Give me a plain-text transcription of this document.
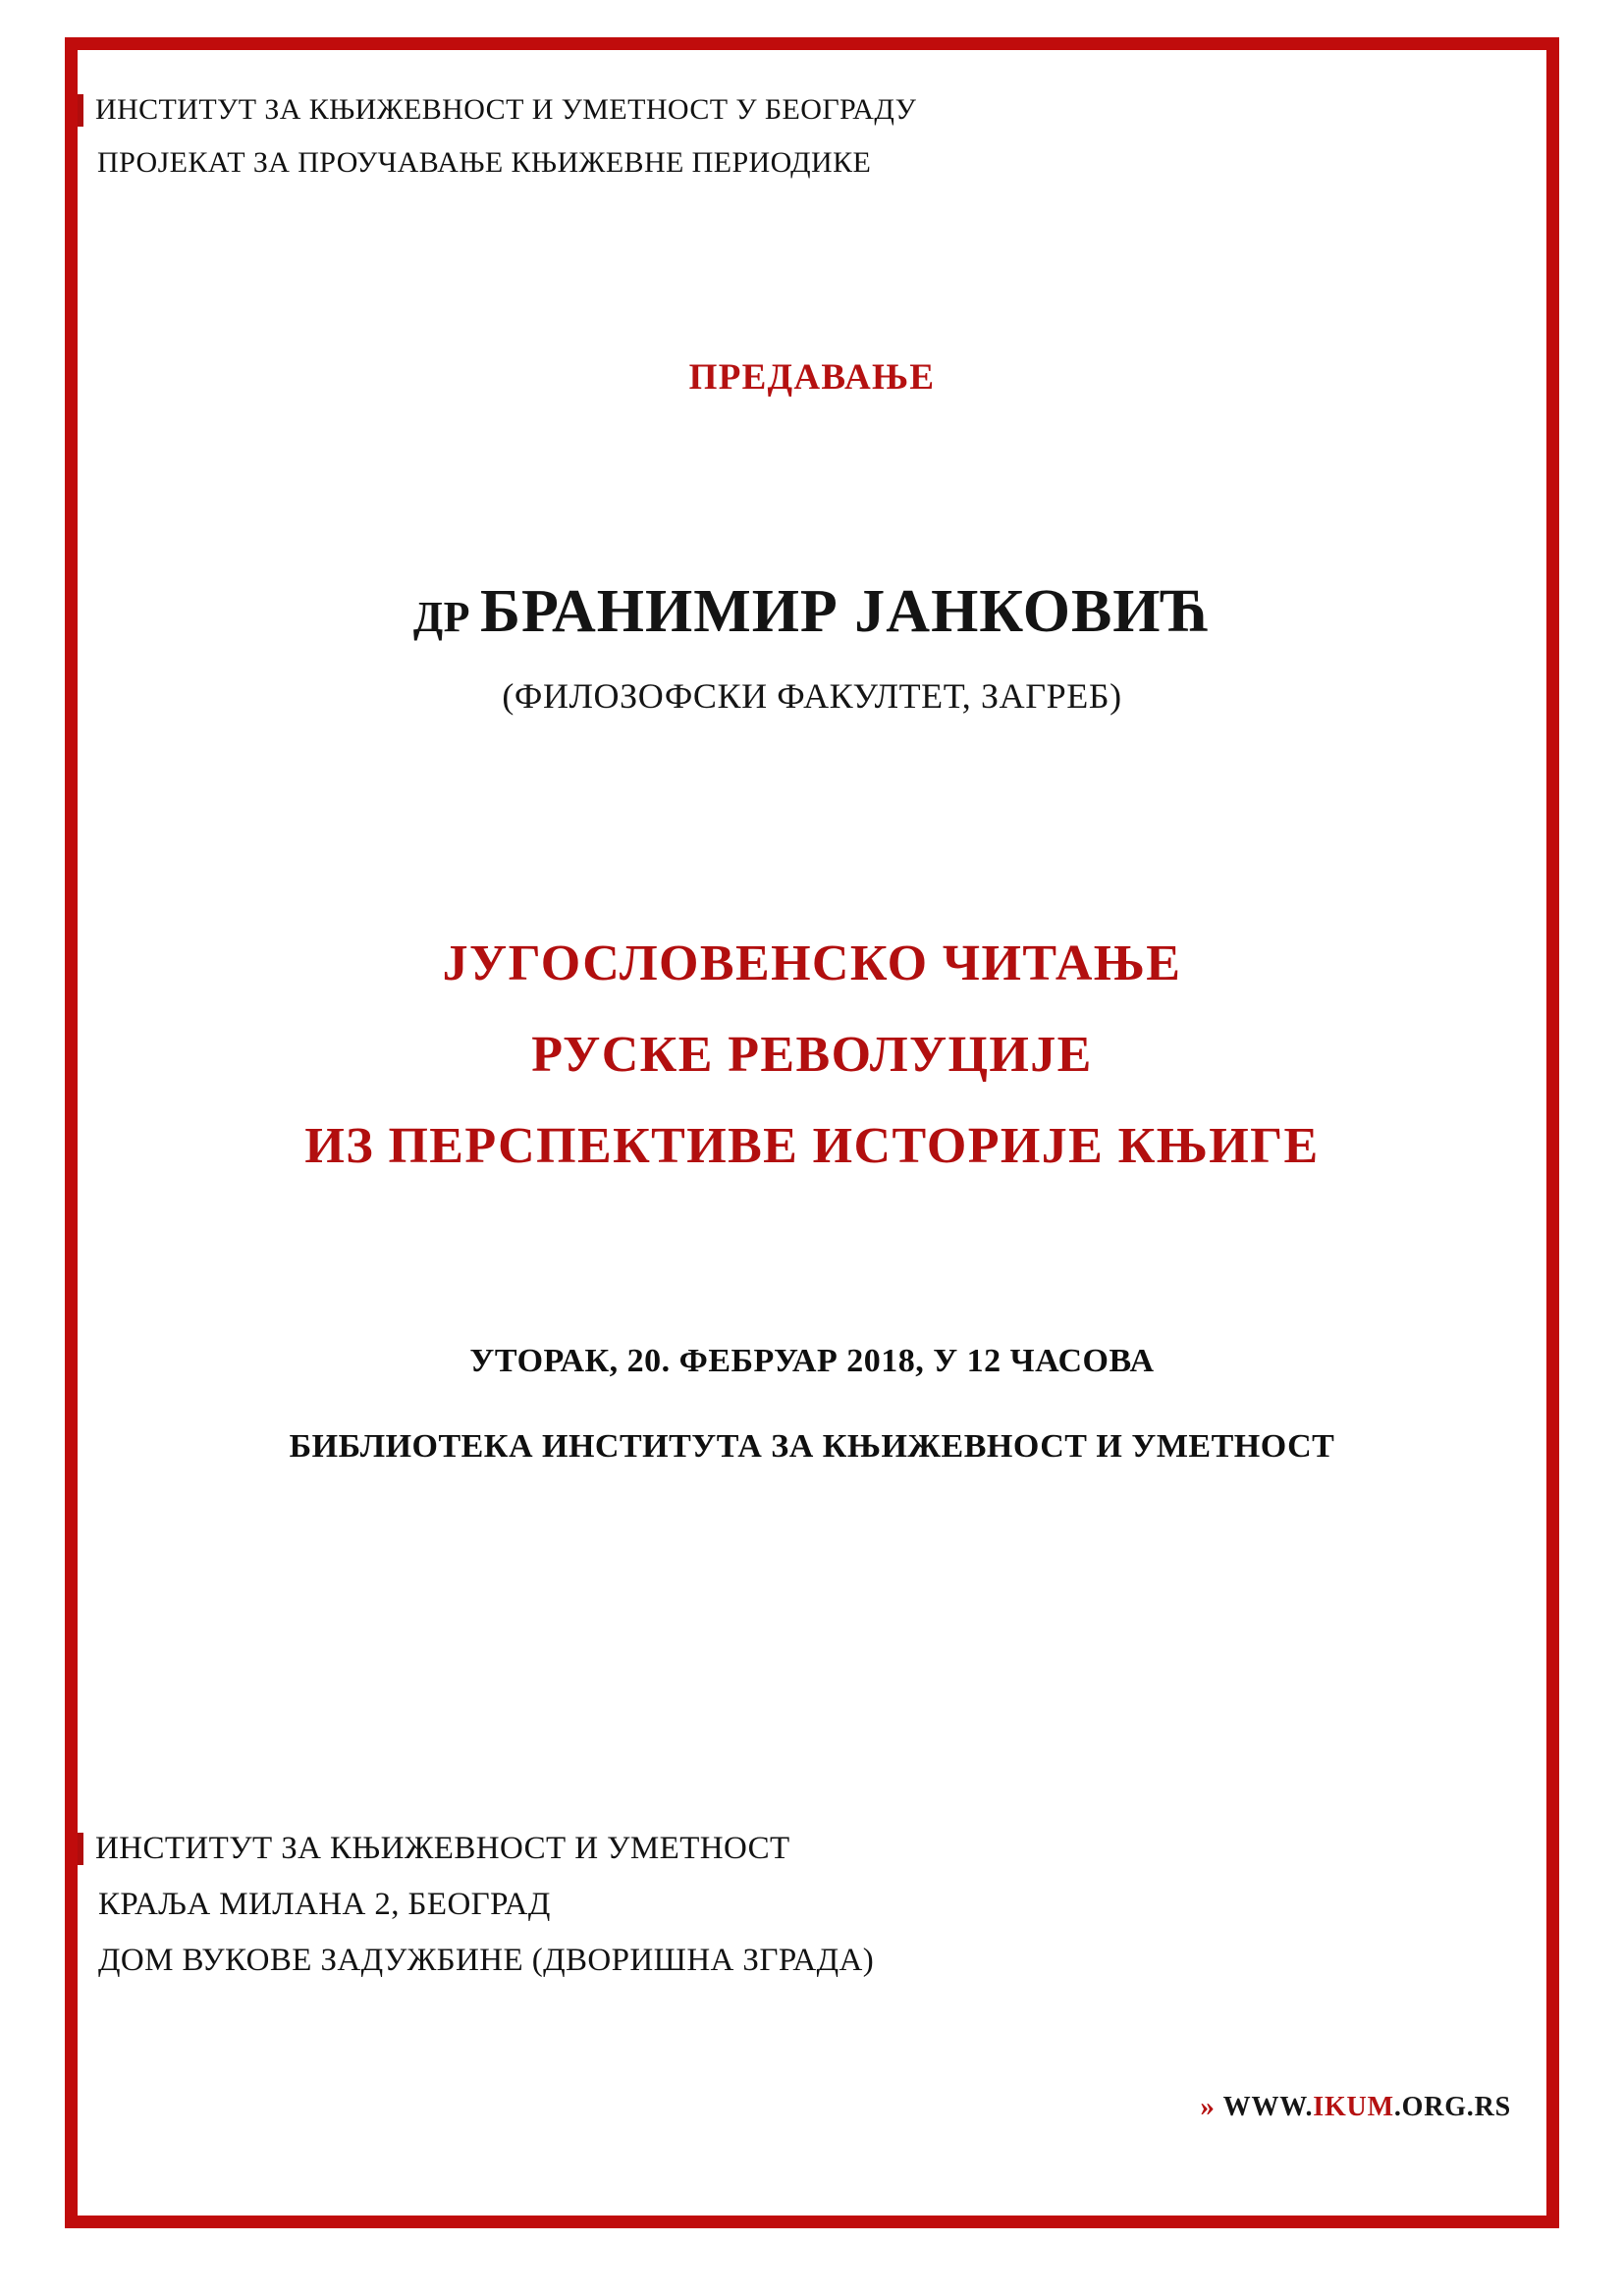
ИНСТИТУТ ЗА КЊИЖЕВНОСТ И УМЕТНОСТ У БЕОГРАДУ
ПРОЈЕКАТ ЗА ПРОУЧАВАЊЕ КЊИЖЕВНЕ ПЕРИОДИКЕ
ПРЕДАВАЊЕ
ДР БРАНИМИР ЈАНКОВИЋ
(ФИЛОЗОФСКИ ФАКУЛТЕТ, ЗАГРЕБ)
ЈУГОСЛОВЕНСКО ЧИТАЊЕ
РУСКЕ РЕВОЛУЦИЈЕ
ИЗ ПЕРСПЕКТИВЕ ИСТОРИЈЕ КЊИГЕ
УТОРАК, 20. ФЕБРУАР 2018, У 12 ЧАСОВА
БИБЛИОТЕКА ИНСТИТУТА ЗА КЊИЖЕВНОСТ И УМЕТНОСТ
ИНСТИТУТ ЗА КЊИЖЕВНОСТ И УМЕТНОСТ
КРАЉА МИЛАНА 2, БЕОГРАД
ДОМ ВУКОВЕ ЗАДУЖБИНЕ (ДВОРИШНА ЗГРАДА)
» WWW.IKUM.ORG.RS
